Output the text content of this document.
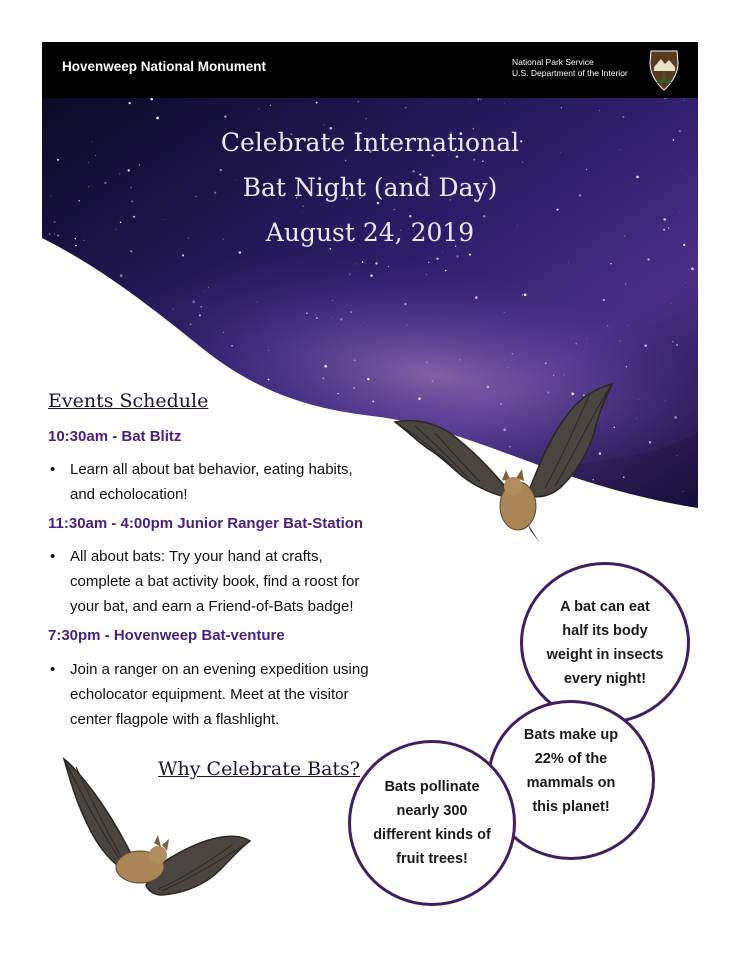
Hovenweep National Monument	National Park Service
U.S. Department of the Interior
Celebrate International
Bat Night (and Day)
August 24, 2019
Events Schedule
10:30am - Bat Blitz
• Learn all about bat behavior, eating habits,
and echolocation!
11:30am - 4:00pm Junior Ranger Bat-Station
• All about bats: Try your hand at crafts,
complete a bat activity book, find a roost for
your bat, and earn a Friend-of-Bats badge!
7:30pm - Hovenweep Bat-venture
• Join a ranger on an evening expedition using
echolocator equipment. Meet at the visitor
center flagpole with a flashlight.
Why Celebrate Bats?
A bat can eat
half its body
weight in insects
every night!
Bats make up
22% of the
mammals on
this planet!
Bats pollinate
nearly 300
different kinds of
fruit trees!
